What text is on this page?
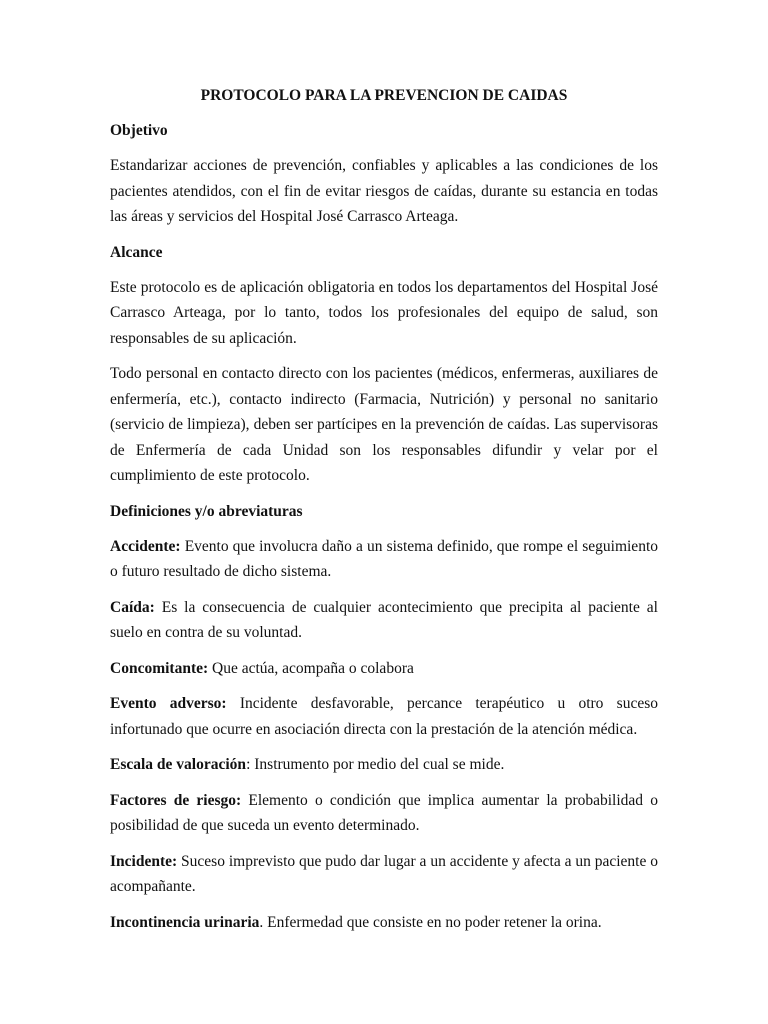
PROTOCOLO PARA LA PREVENCION DE CAIDAS
Objetivo

Estandarizar acciones de prevención, confiables y aplicables a las condiciones de los pacientes atendidos, con el fin de evitar riesgos de caídas, durante su estancia en todas las áreas y servicios del Hospital José Carrasco Arteaga.

Alcance

Este protocolo es de aplicación obligatoria en todos los departamentos del Hospital José Carrasco Arteaga, por lo tanto, todos los profesionales del equipo de salud, son responsables de su aplicación.

Todo personal en contacto directo con los pacientes (médicos, enfermeras, auxiliares de enfermería, etc.), contacto indirecto (Farmacia, Nutrición) y personal no sanitario (servicio de limpieza), deben ser partícipes en la prevención de caídas. Las supervisoras de Enfermería de cada Unidad son los responsables difundir y velar por el cumplimiento de este protocolo.

Definiciones y/o abreviaturas

Accidente: Evento que involucra daño a un sistema definido, que rompe el seguimiento o futuro resultado de dicho sistema.

Caída: Es la consecuencia de cualquier acontecimiento que precipita al paciente al suelo en contra de su voluntad.

Concomitante: Que actúa, acompaña o colabora

Evento adverso: Incidente desfavorable, percance terapéutico u otro suceso infortunado que ocurre en asociación directa con la prestación de la atención médica.

Escala de valoración: Instrumento por medio del cual se mide.

Factores de riesgo: Elemento o condición que implica aumentar la probabilidad o posibilidad de que suceda un evento determinado.

Incidente: Suceso imprevisto que pudo dar lugar a un accidente y afecta a un paciente o acompañante.

Incontinencia urinaria. Enfermedad que consiste en no poder retener la orina.
